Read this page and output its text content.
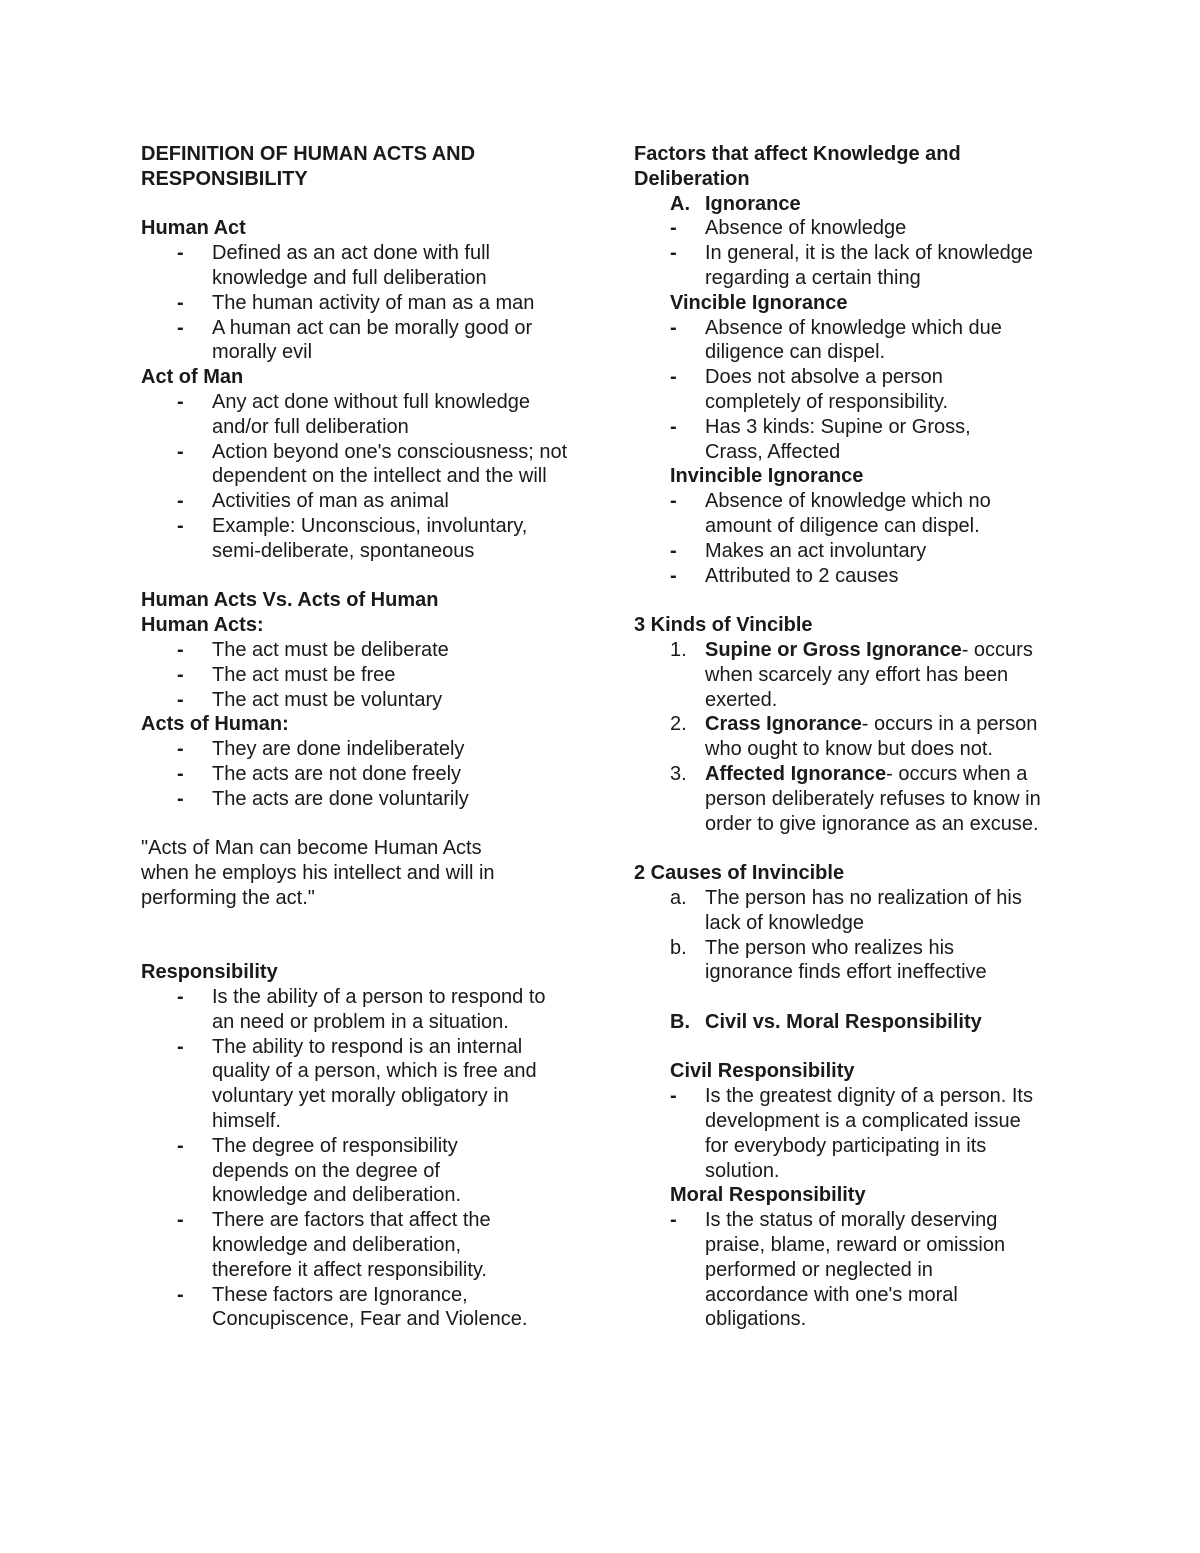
DEFINITION OF HUMAN ACTS AND
RESPONSIBILITY
Human Act
- Defined as an act done with full knowledge and full deliberation
- The human activity of man as a man
- A human act can be morally good or morally evil
Act of Man
- Any act done without full knowledge and/or full deliberation
- Action beyond one's consciousness; not dependent on the intellect and the will
- Activities of man as animal
- Example: Unconscious, involuntary, semi-deliberate, spontaneous
Human Acts Vs. Acts of Human
Human Acts:
- The act must be deliberate
- The act must be free
- The act must be voluntary
Acts of Human:
- They are done indeliberately
- The acts are not done freely
- The acts are done voluntarily
"Acts of Man can become Human Acts
when he employs his intellect and will in
performing the act."
Responsibility
- Is the ability of a person to respond to an need or problem in a situation.
- The ability to respond is an internal quality of a person, which is free and voluntary yet morally obligatory in himself.
- The degree of responsibility depends on the degree of knowledge and deliberation.
- There are factors that affect the knowledge and deliberation, therefore it affect responsibility.
- These factors are Ignorance, Concupiscence, Fear and Violence.
Factors that affect Knowledge and
Deliberation
A. Ignorance
- Absence of knowledge
- In general, it is the lack of knowledge regarding a certain thing
Vincible Ignorance
- Absence of knowledge which due diligence can dispel.
- Does not absolve a person completely of responsibility.
- Has 3 kinds: Supine or Gross, Crass, Affected
Invincible Ignorance
- Absence of knowledge which no amount of diligence can dispel.
- Makes an act involuntary
- Attributed to 2 causes
3 Kinds of Vincible
1. Supine or Gross Ignorance- occurs when scarcely any effort has been exerted.
2. Crass Ignorance- occurs in a person who ought to know but does not.
3. Affected Ignorance- occurs when a person deliberately refuses to know in order to give ignorance as an excuse.
2 Causes of Invincible
a. The person has no realization of his lack of knowledge
b. The person who realizes his ignorance finds effort ineffective
B. Civil vs. Moral Responsibility
Civil Responsibility
- Is the greatest dignity of a person. Its development is a complicated issue for everybody participating in its solution.
Moral Responsibility
- Is the status of morally deserving praise, blame, reward or omission performed or neglected in accordance with one's moral obligations.
